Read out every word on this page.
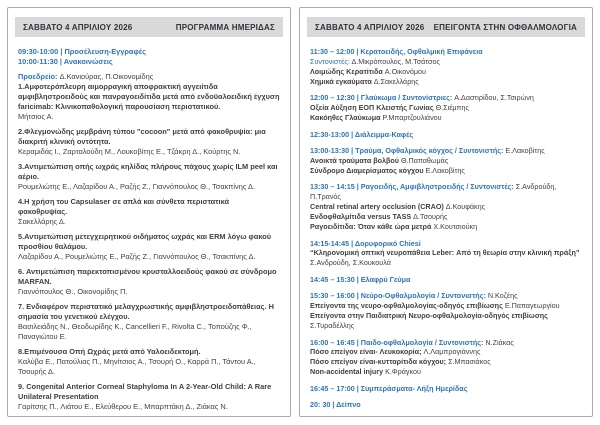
ΣΑΒΒΑΤΟ 4 ΑΠΡΙΛΙΟΥ 2026	ΠΡΟΓΡΑΜΜΑ ΗΜΕΡΙΔΑΣ
09:30-10:00 | Προσέλευση-Εγγραφές
10:00-11:30 | Ανακοινώσεις
Προεδρείο: Δ.Κανιούρας, Π.Οικονομίδης
1.Αμφοτερόπλευρη αιμορραγική αποφρακτική αγγειίτιδα αμφιβληστροειδούς και πανραγοειδίτιδα μετά από ενδοϋαλοειδική έγχυση faricimab: Κλινικοπαθολογική παρουσίαση περιστατικού.
Μήτσιος Α.
2.Φλεγμονώδης μεμβράνη τύπου "cocoon" μετά από φακοθρυψία: μια διακριτή κλινική οντότητα.
Κεραμιδάς Ι., Ζαρταλούδη Μ., Λουκοβίτης Ε., Τζάκρη Δ., Κούρτης Ν.
3.Αντιμετώπιση οπής ωχράς κηλίδας πλήρους πάχους χωρίς ILM peel και αέριο.
Ρουμελιώτης Ε., Λαζαρίδου Α., Ραζής Ζ., Γιαννόπουλος Θ., Τσακπίνης Δ.
4.Η χρήση του Capsulaser σε απλά και σύνθετα περιστατικά φακοθρυψίας.
Σακελλάρης Δ.
5.Αντιμετώπιση μετεγχειρητικού οιδήματος ωχράς και ERM λόγω φακού προσθίου θαλάμου.
Λαζαρίδου Α., Ρουμελιώτης Ε., Ραζής Ζ., Γιαννόπουλος Θ., Τσακπίνης Δ.
6. Αντιμετώπιση παρεκτοπισμένου κρυσταλλοειδούς φακού σε σύνδρομο MARFAN.
Γιαννόπουλος Θ., Οικονομίδης Π.
7. Ενδιαφέρον περιστατικό μελαγχρωστικής αμφιβληστροειδοπάθειας. Η σημασία του γενετικού ελέγχου.
Βασιλειάδης Ν., Θεοδωρίδης Κ., Cancellieri F., Rivolta C., Τοπούζης Φ., Παναγιώτου Ε.
8.Επιμένουσα Οπή Ωχράς μετά από Υαλοειδεκτομή.
Καλύβα Ε., Πατούλιας Π., Μηνίτσιος Α., Τσουρή Ο., Καρρά Π., Τάντου Α., Τσουρής Δ.
9. Congenital Anterior Corneal Staphyloma In A 2-Year-Old Child: A Rare Unilateral Presentation
Γαρίτσης Π., Λιάτου Ε., Ελεύθερου Ε., Μπαρπτάκη Δ., Ζιάκας Ν.
ΣΑΒΒΑΤΟ 4 ΑΠΡΙΛΙΟΥ 2026 ΕΠΕΙΓΟΝΤΑ ΣΤΗΝ ΟΦΘΑΛΜΟΛΟΓΙΑ
11:30 – 12:00 | Κερατοειδής, Οφθαλμική Επιφάνεια
Συντονιστές: Δ.Μικρόπουλος, Μ.Τσάτσος
Λοιμώδης Κερατίτιδα Α.Οικονόμου
Χημικά εγκαύματα Δ.Σακελλάρης
12:00 – 12:30 | Γλαύκωμα / Συντονίστριες: Α.Δαστιρίδου, Σ.Τσιρώνη
Οξεία Αύξηση ΕΟΠ Κλειστής Γωνίας Θ.Σιέμπης
Κακόηθες Γλαύκωμα Ρ.Μπαρτζουλιάνου
12:30-13:00 | Διάλειμμα-Καφές
13:00-13:30 | Τραύμα, Οφθαλμικός κόγχος / Συντονιστής: Ε.Λακοβίτης
Ανοικτά τραύματα βολβού Θ.Παπαθωμάς
Σύνδρομο Διαμερίσματος κόγχου Ε.Λακοβίτης
13:30 – 14:15 | Ραγοειδής, Αμφιβληστροειδής / Συντονιστές: Σ.Ανδρούδη, Π.Τρανός
Central retinal artery occlusion (CRAO) Δ.Κουφάκης
Ενδοφθαλμίτιδα versus TASS Δ.Τσουρής
Ραγοειδίτιδα: Όταν κάθε ώρα μετρά Χ.Κουτσιούκη
14:15-14:45 | Δορυφορικό Chiesi
“Κληρονομική οπτική νευροπάθεια Leber: Από τη θεωρία στην κλινική πράξη”
Σ.Ανδρούδη, Σ.Κουκουλά
14:45 – 15:30 | Ελαφρύ Γεύμα
15:30 – 16:00 | Νεύρο-Οφθαλμολογία / Συντονιστής: Ν.Κοζέης
Επείγοντα της νευρο-οφθαλμολογίας-οδηγός επιβίωσης Ε.Παπαγεωργίου
Επείγοντα στην Παιδιατρική Νευρο-οφθαλμολογία-οδηγός επιβίωσης Σ.Τυραδέλλης
16:00 – 16:45 | Παιδο-οφθαλμολογία / Συντονιστής: Ν.Ζιάκας
Πόσο επείγον είναι- Λευκοκορία; Λ.Λαμπρογιάννης
Πόσο επείγον είναι-κυτταρίτιδα κόγχου; Σ.Μπασιάκος
Non-accidental injury Κ.Φράγκου
16:45 – 17:00 | Συμπεράσματα- Λήξη Ημερίδας
20: 30 | Δείπνο
